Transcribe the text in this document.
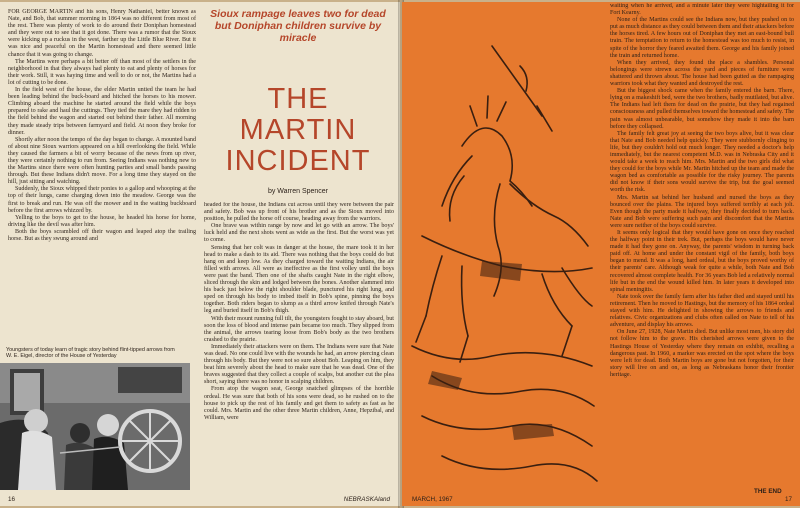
FOR GEORGE MARTIN and his sons, Henry Nathaniel, better known as Nate, and Bob, that summer morning in 1864 was no different from most of the rest. There was plenty of work to do around their Doniphan homestead and they were out to see that it got done. There was a rumor that the Sioux were kicking up a ruckus in the west, farther up the Little Blue River. But it was nice and peaceful on the Martin homestead and there seemed little chance that it was going to change.

The Martins were perhaps a bit better off than most of the settlers in the neighborhood in that they always had plenty to eat and plenty of horses for their work. Still, it was haying time and well to do or not, the Martins had a lot of cutting to be done.

In the field west of the house, the elder Martin untied the team he had been leading behind the buck-board and hitched the horses to his mower. Climbing aboard the machine he started around the field while the boys prepared to rake and haul the cuttings. They tied the mare they had ridden to the field behind the wagon and started out behind their father. All morning they made steady trips between farmyard and field. At noon they broke for dinner.

Shortly after noon the tempo of the day began to change. A mounted band of about nine Sioux warriors appeared on a hill overlooking the field. While they caused the farmers a bit of worry because of the news from up river, they were certainly nothing to run from. Seeing Indians was nothing new to the Martins since there were often hunting parties and small bands passing through. But these Indians didn't move. For a long time they stayed on the hill, just sitting and watching.

Suddenly, the Sioux whipped their ponies to a gallop and whooping at the top of their lungs, came charging down into the meadow. George was the first to break and run. He was off the mower and in the waiting buckboard before the first arrows whizzed by.

Yelling to the boys to get to the house, he headed his horse for home, driving like the devil was after him.

Both the boys scrambled off their wagon and leaped atop the trailing horse. But as they swung around and

Sioux rampage leaves two for dead but Doniphan children survive by miracle
THE MARTIN INCIDENT
by Warren Spencer

headed for the house, the Indians cut across until they were between the pair and safety. Bob was up front of his brother and as the Sioux moved into position, he pulled the horse off course, heading away from the warriors.

One brave was within range by now and let go with an arrow. The boys' luck held and the next shots went as wide as the first. But the worst was yet to come.

Sensing that her colt was in danger at the house, the mare took it in her head to make a dash to its aid. There was nothing that the boys could do but hang on and keep low. As they charged toward the waiting Indians, the air filled with arrows. All were as ineffective as the first volley until the boys were past the band. Then one of the shafts caught Nate in the right elbow, sliced through the skin and lodged between the bones. Another slammed into his back just below the right shoulder blade, punctured his right lung, and sped on through his body to imbed itself in Bob's spine, pinning the boys together. Both riders began to slump as a third arrow knifed through Nate's leg and buried itself in Bob's thigh.

With their mount running full tilt, the youngsters fought to stay aboard, but soon the loss of blood and intense pain became too much. They slipped from the animal, the arrows tearing loose from Bob's body as the two brothers crashed to the prairie.

Immediately their attackers were on them. The Indians were sure that Nate was dead. No one could live with the wounds he had, an arrow piercing clean through his body. But they were not so sure about Bob. Leaping on him, they beat him severely about the head to make sure that he was dead. One of the braves suggested that they collect a couple of scalps, but another cut the plea short, saying there was no honor in scalping children.

From atop the wagon seat, George snatched glimpses of the horrible ordeal. He was sure that both of his sons were dead, so he rushed on to the house to pick up the rest of his family and get them to safety as fast as he could. Mrs. Martin and the other three Martin children, Anne, Hepzibal, and William, were

Youngsters of today learn of tragic story behind flint-tipped arrows from W. E. Eigel, director of the House of Yesterday
16	NEBRASKAland

waiting when he arrived, and a minute later they were hightailing it for Fort Kearny.

None of the Martins could see the Indians now, but they pushed on to put as much distance as they could between them and their attackers before the horses tired. A few hours out of Doniphan they met an east-bound bull train. The temptation to return to the homestead was too much to resist, in spite of the horror they feared awaited them. George and his family joined the train and returned home.

When they arrived, they found the place a shambles. Personal belongings were strewn across the yard and pieces of furniture were shattered and thrown about. The house had been gutted as the rampaging warriors took what they wanted and destroyed the rest.

But the biggest shock came when the family entered the barn. There, lying on a makeshift bed, were the two brothers, badly mutilated, but alive. The Indians had left them for dead on the prairie, but they had regained consciousness and pulled themselves toward the homestead and safety. The pain was almost unbearable, but somehow they made it into the barn before they collapsed.

The family felt great joy at seeing the two boys alive, but it was clear that Nate and Bob needed help quickly. They were stubbornly clinging to life, but they couldn't hold out much longer. They needed a doctor's help immediately, but the nearest competent M.D. was in Nebraska City and it would take a week to reach him. Mrs. Martin and the two girls did what they could for the boys while Mr. Martin hitched up the team and made the wagon bed as comfortable as possible for the risky journey. The parents did not know if their sons would survive the trip, but the goal seemed worth the risk.

Mrs. Martin sat behind her husband and nursed the boys as they bounced over the plains. The injured boys suffered terribly at each jolt. Even though the party made it halfway, they finally decided to turn back. Nate and Bob were suffering such pain and discomfort that the Martins were sure neither of the boys could survive.

It seems only logical that they would have gone on once they reached the halfway point in their trek. But, perhaps the boys would have never made it had they gone on. Anyway, the parents' wisdom in turning back paid off. At home and under the constant vigil of the family, both boys began to mend. It was a long, hard ordeal, but the boys proved worthy of their parents' care. Although weak for quite a while, both Nate and Bob recovered almost complete health. For 36 years Bob led a relatively normal life but in the end the wound killed him. In later years it developed into spinal meningitis.

Nate took over the family farm after his father died and stayed until his retirement. Then he moved to Hastings, but the memory of his 1864 ordeal stayed with him. He delighted in showing the arrows to friends and relatives. Civic organizations and clubs often called on Nate to tell of his adventure, and display his arrows.

On June 27, 1928, Nate Martin died. But unlike most men, his story did not follow him to the grave. His cherished arrows were given to the Hastings House of Yesterday where they remain on exhibit, recalling a dangerous past. In 1960, a marker was erected on the spot where the boys were left for dead. Both Martin boys are gone but not forgotten, for their story will live on and on, as long as Nebraskans honor their frontier heritage.

THE END
MARCH, 1967	17
